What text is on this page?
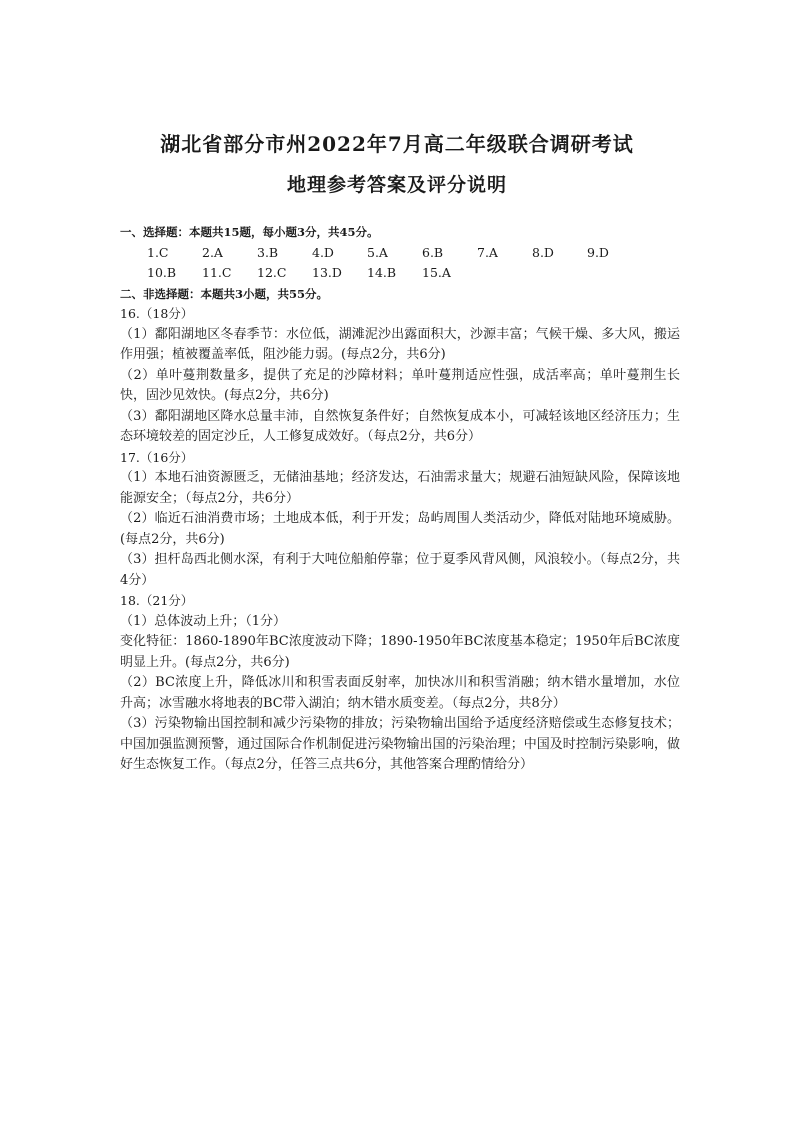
湖北省部分市州2022年7月高二年级联合调研考试
地理参考答案及评分说明
一、选择题：本题共15题，每小题3分，共45分。
1.C	2.A	3.B	4.D	5.A	6.B	7.A	8.D	9.D
10.B	11.C	12.C	13.D	14.B	15.A
二、非选择题：本题共3小题，共55分。
16.（18分）

（1）鄱阳湖地区冬春季节：水位低，湖滩泥沙出露面积大，沙源丰富；气候干燥、多大风，搬运作用强；植被覆盖率低，阻沙能力弱。(每点2分，共6分)

（2）单叶蔓荆数量多，提供了充足的沙障材料；单叶蔓荆适应性强，成活率高；单叶蔓荆生长快，固沙见效快。(每点2分，共6分)

（3）鄱阳湖地区降水总量丰沛，自然恢复条件好；自然恢复成本小，可减轻该地区经济压力；生态环境较差的固定沙丘，人工修复成效好。（每点2分，共6分）

17.（16分）

（1）本地石油资源匮乏，无储油基地；经济发达，石油需求量大；规避石油短缺风险，保障该地能源安全；（每点2分，共6分）

（2）临近石油消费市场；土地成本低，利于开发；岛屿周围人类活动少，降低对陆地环境威胁。(每点2分，共6分)

（3）担杆岛西北侧水深，有利于大吨位船舶停靠；位于夏季风背风侧，风浪较小。（每点2分，共4分）

18.（21分）

（1）总体波动上升；（1分）

变化特征：1860-1890年BC浓度波动下降；1890-1950年BC浓度基本稳定；1950年后BC浓度明显上升。(每点2分，共6分)

（2）BC浓度上升，降低冰川和积雪表面反射率，加快冰川和积雪消融；纳木错水量增加，水位升高；冰雪融水将地表的BC带入湖泊；纳木错水质变差。（每点2分，共8分）

（3）污染物输出国控制和减少污染物的排放；污染物输出国给予适度经济赔偿或生态修复技术；中国加强监测预警，通过国际合作机制促进污染物输出国的污染治理；中国及时控制污染影响，做好生态恢复工作。（每点2分，任答三点共6分，其他答案合理酌情给分）
